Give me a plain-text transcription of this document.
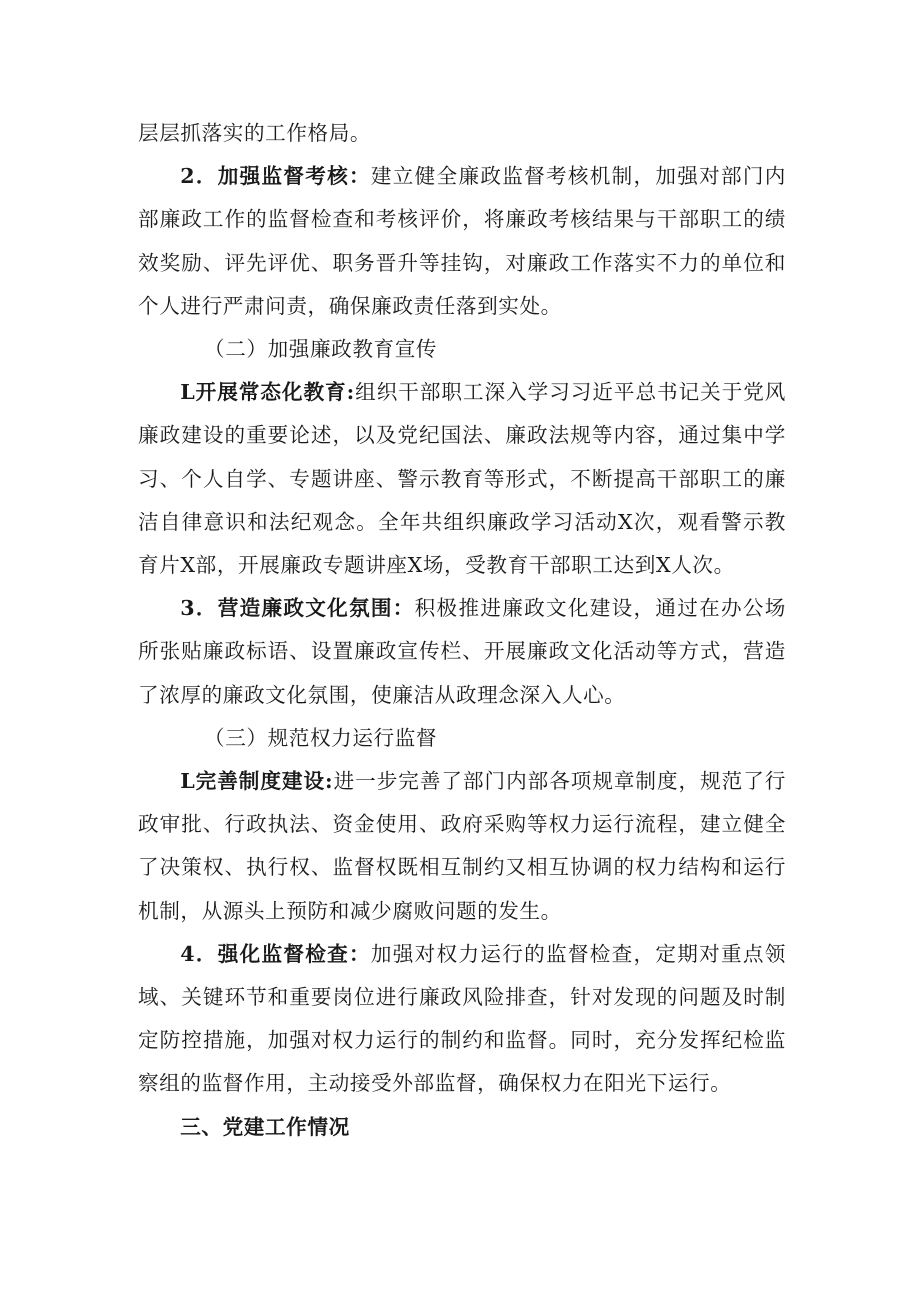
层层抓落实的工作格局。

2．加强监督考核：建立健全廉政监督考核机制，加强对部门内部廉政工作的监督检查和考核评价，将廉政考核结果与干部职工的绩效奖励、评先评优、职务晋升等挂钩，对廉政工作落实不力的单位和个人进行严肃问责，确保廉政责任落到实处。

（二）加强廉政教育宣传

L开展常态化教育:组织干部职工深入学习习近平总书记关于党风廉政建设的重要论述，以及党纪国法、廉政法规等内容，通过集中学习、个人自学、专题讲座、警示教育等形式，不断提高干部职工的廉洁自律意识和法纪观念。全年共组织廉政学习活动X次，观看警示教育片X部，开展廉政专题讲座X场，受教育干部职工达到X人次。

3．营造廉政文化氛围：积极推进廉政文化建设，通过在办公场所张贴廉政标语、设置廉政宣传栏、开展廉政文化活动等方式，营造了浓厚的廉政文化氛围，使廉洁从政理念深入人心。

（三）规范权力运行监督

L完善制度建设:进一步完善了部门内部各项规章制度，规范了行政审批、行政执法、资金使用、政府采购等权力运行流程，建立健全了决策权、执行权、监督权既相互制约又相互协调的权力结构和运行机制，从源头上预防和减少腐败问题的发生。

4．强化监督检查：加强对权力运行的监督检查，定期对重点领域、关键环节和重要岗位进行廉政风险排查，针对发现的问题及时制定防控措施，加强对权力运行的制约和监督。同时，充分发挥纪检监察组的监督作用，主动接受外部监督，确保权力在阳光下运行。

三、党建工作情况
